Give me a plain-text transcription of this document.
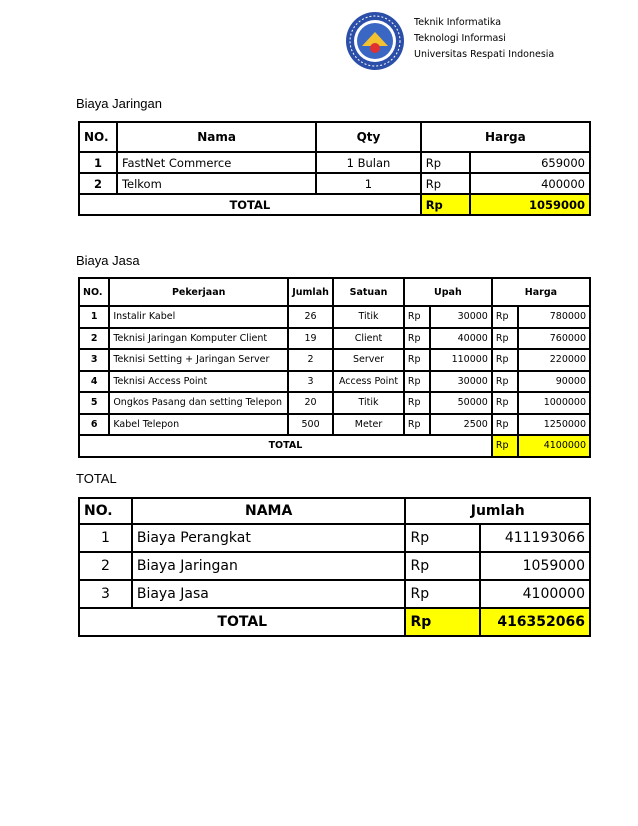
Teknik Informatika
Teknologi Informasi
Universitas Respati Indonesia
Biaya Jaringan
NO.	Nama	Qty	Harga	
1	FastNet Commerce	1 Bulan	Rp	659000
2	Telkom	1	Rp	400000
TOTAL			Rp	1059000
Biaya Jasa
NO.	Pekerjaan	Jumlah	Satuan	Upah		Harga	
1	Instalir Kabel	26	Titik	Rp	30000	Rp	780000
2	Teknisi Jaringan Komputer Client	19	Client	Rp	40000	Rp	760000
3	Teknisi Setting + Jaringan Server	2	Server	Rp	110000	Rp	220000
4	Teknisi Access Point	3	Access Point	Rp	30000	Rp	90000
5	Ongkos Pasang dan setting Telepon	20	Titik	Rp	50000	Rp	1000000
6	Kabel Telepon	500	Meter	Rp	2500	Rp	1250000
TOTAL						Rp	4100000
TOTAL
NO.	NAMA	Jumlah	
1	Biaya Perangkat	Rp	411193066
2	Biaya Jaringan	Rp	1059000
3	Biaya Jasa	Rp	4100000
TOTAL		Rp	416352066
